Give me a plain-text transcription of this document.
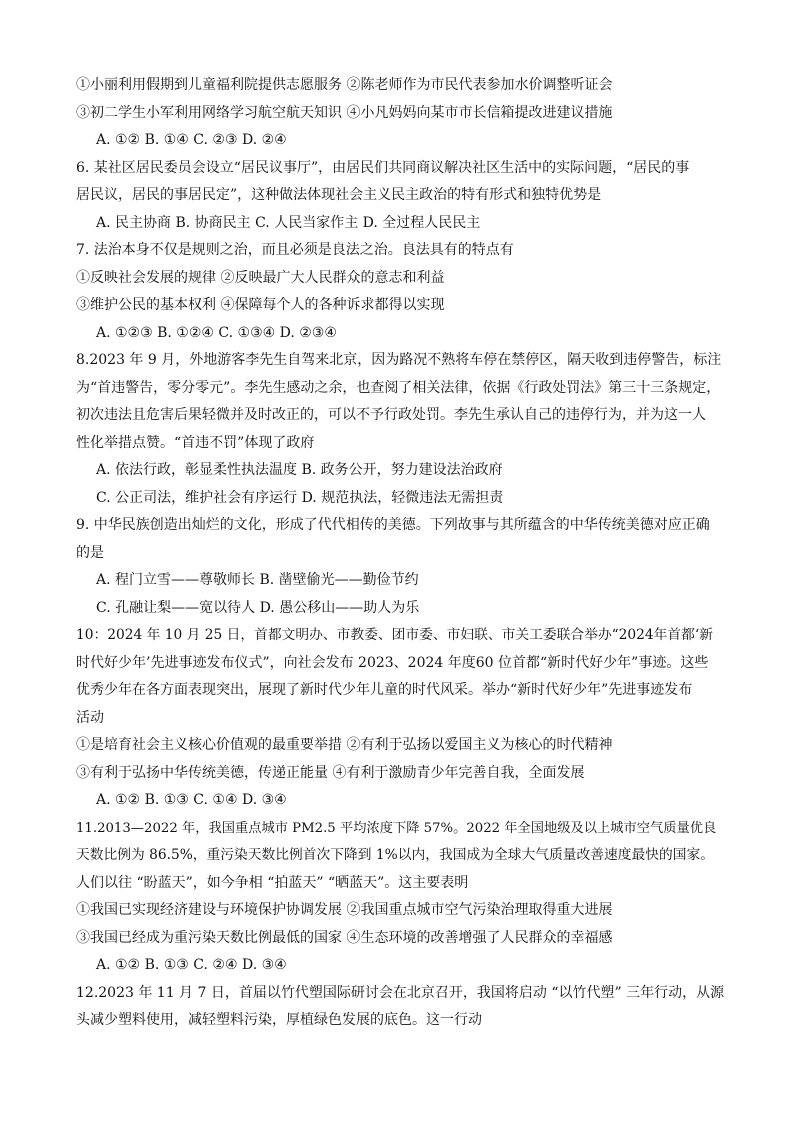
①小丽利用假期到儿童福利院提供志愿服务 ②陈老师作为市民代表参加水价调整听证会
③初二学生小军利用网络学习航空航天知识 ④小凡妈妈向某市市长信箱提改进建议措施
A. ①② B. ①④ C. ②③ D. ②④
6. 某社区居民委员会设立“居民议事厅”，由居民们共同商议解决社区生活中的实际问题，“居民的事
居民议，居民的事居民定”，这种做法体现社会主义民主政治的特有形式和独特优势是
A. 民主协商 B. 协商民主 C. 人民当家作主 D. 全过程人民民主
7. 法治本身不仅是规则之治，而且必须是良法之治。良法具有的特点有
①反映社会发展的规律 ②反映最广大人民群众的意志和利益
③维护公民的基本权利 ④保障每个人的各种诉求都得以实现
A. ①②③ B. ①②④ C. ①③④ D. ②③④
8.2023 年 9 月，外地游客李先生自驾来北京，因为路况不熟将车停在禁停区，隔天收到违停警告，标注
为“首违警告，零分零元”。李先生感动之余，也查阅了相关法律，依据《行政处罚法》第三十三条规定，
初次违法且危害后果轻微并及时改正的，可以不予行政处罚。李先生承认自己的违停行为，并为这一人
性化举措点赞。“首违不罚”体现了政府
A. 依法行政，彰显柔性执法温度 B. 政务公开，努力建设法治政府
C. 公正司法，维护社会有序运行 D. 规范执法，轻微违法无需担责
9. 中华民族创造出灿烂的文化，形成了代代相传的美德。下列故事与其所蕴含的中华传统美德对应正确
的是
A. 程门立雪——尊敬师长 B. 凿壁偷光——勤俭节约
C. 孔融让梨——宽以待人 D. 愚公移山——助人为乐
10：2024 年 10 月 25 日，首都文明办、市教委、团市委、市妇联、市关工委联合举办“2024年首都‘新
时代好少年’先进事迹发布仪式”，向社会发布 2023、2024 年度60 位首都“新时代好少年”事迹。这些
优秀少年在各方面表现突出，展现了新时代少年儿童的时代风采。举办“新时代好少年”先进事迹发布
活动
①是培育社会主义核心价值观的最重要举措 ②有利于弘扬以爱国主义为核心的时代精神
③有利于弘扬中华传统美德，传递正能量 ④有利于激励青少年完善自我，全面发展
A. ①② B. ①③ C. ①④ D. ③④
11.2013—2022 年，我国重点城市 PM2.5 平均浓度下降 57%。2022 年全国地级及以上城市空气质量优良
天数比例为 86.5%，重污染天数比例首次下降到 1%以内，我国成为全球大气质量改善速度最快的国家。
人们以往 “盼蓝天”，如今争相 “拍蓝天” “晒蓝天”。这主要表明
①我国已实现经济建设与环境保护协调发展 ②我国重点城市空气污染治理取得重大进展
③我国已经成为重污染天数比例最低的国家 ④生态环境的改善增强了人民群众的幸福感
A. ①② B. ①③ C. ②④ D. ③④
12.2023 年 11 月 7 日，首届以竹代塑国际研讨会在北京召开，我国将启动 “以竹代塑” 三年行动，从源
头减少塑料使用，减轻塑料污染，厚植绿色发展的底色。这一行动
